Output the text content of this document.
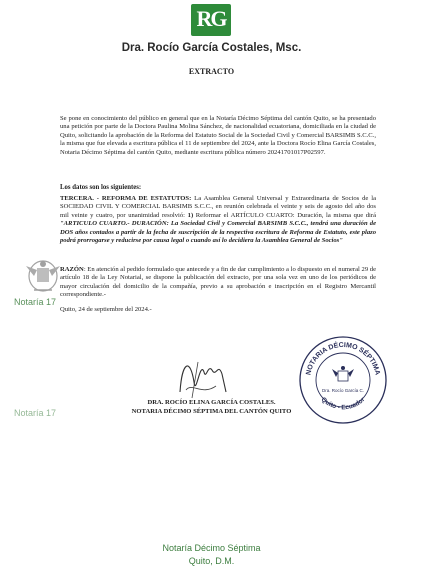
RG
Dra. Rocío García Costales, Msc.
EXTRACTO
Se pone en conocimiento del público en general que en la Notaría Décimo Séptima del cantón Quito, se ha presentado una petición por parte de la Doctora Paulina Molina Sánchez, de nacionalidad ecuatoriana, domiciliada en la ciudad de Quito, solicitando la aprobación de la Reforma del Estatuto Social de la Sociedad Civil y Comercial BARSIMB S.C.C., la misma que fue elevada a escritura pública el 11 de septiembre del 2024, ante la Doctora Rocío Elina García Costales, Notaria Décimo Séptima del cantón Quito, mediante escritura pública número 20241701017P02597.
Los datos son los siguientes:
TERCERA. - REFORMA DE ESTATUTOS: La Asamblea General Universal y Extraordinaria de Socios de la SOCIEDAD CIVIL Y COMERCIAL BARSIMB S.C.C., en reunión celebrada el veinte y seis de agosto del año dos mil veinte y cuatro, por unanimidad resolvió: 1) Reformar el ARTÍCULO CUARTO: Duración, la misma que dirá "ARTICULO CUARTO.- DURACIÓN: La Sociedad Civil y Comercial BARSIMB S.C.C., tendrá una duración de DOS años contados a partir de la fecha de suscripción de la respectiva escritura de Reforma de Estatuto, este plazo podrá prorrogarse y reducirse por causa legal o cuando así lo decidiera la Asamblea General de Socios"
RAZÓN: En atención al pedido formulado que antecede y a fin de dar cumplimiento a lo dispuesto en el numeral 29 de artículo 18 de la Ley Notarial, se dispone la publicación del extracto, por una sola vez en uno de los periódicos de mayor circulación del domicilio de la compañía, previo a su aprobación e inscripción en el Registro Mercantil correspondiente.-
Quito, 24 de septiembre del 2024.-
Notaría 17
Notaría 17
NOTARIA DÉCIMO SÉPTIMA
Quito - Ecuador
Dra. Rocío García C.
DRA. ROCÍO ELINA GARCÍA COSTALES.
NOTARIA DÉCIMO SÉPTIMA DEL CANTÓN QUITO
Notaría Décimo Séptima
Quito, D.M.
